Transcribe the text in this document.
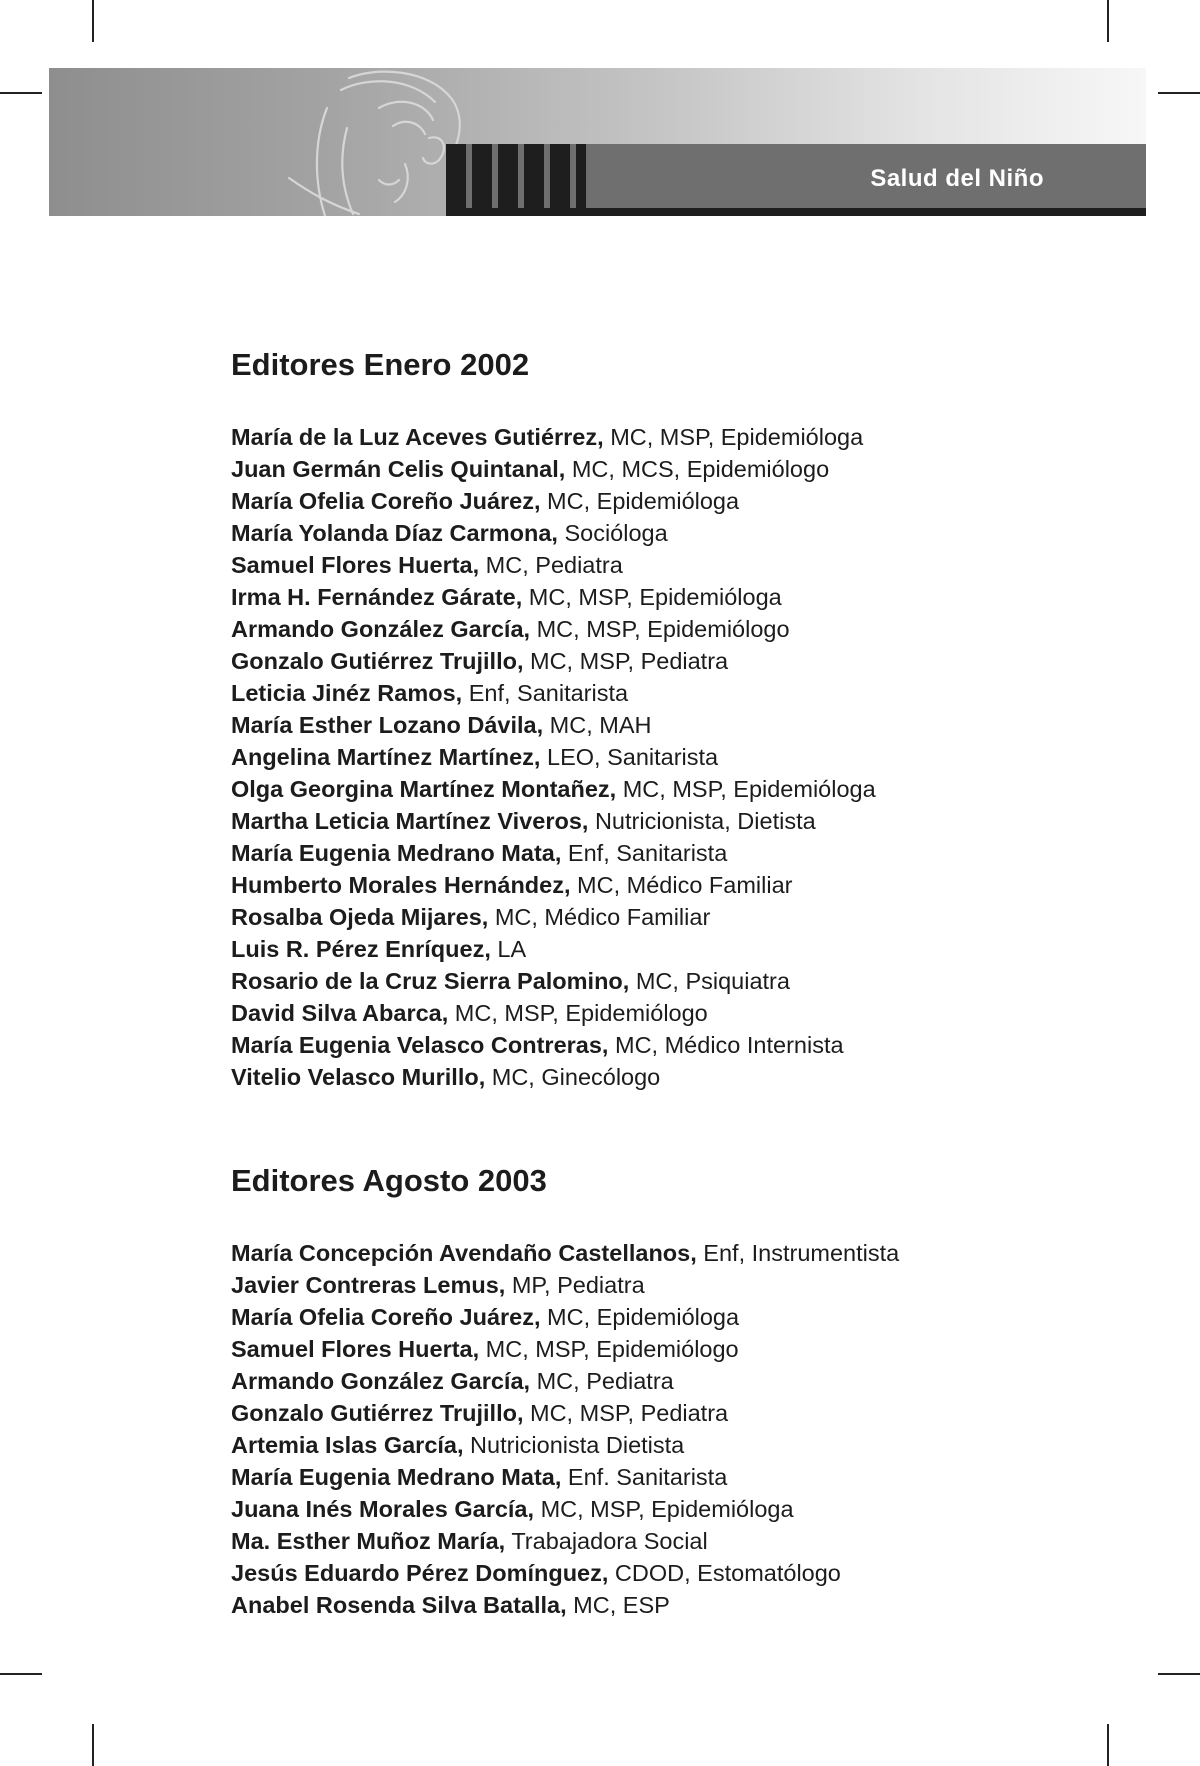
Salud del Niño
Editores Enero 2002
María de la Luz Aceves Gutiérrez, MC, MSP, Epidemióloga
Juan Germán Celis Quintanal, MC, MCS, Epidemiólogo
María Ofelia Coreño Juárez, MC, Epidemióloga
María Yolanda Díaz Carmona, Socióloga
Samuel Flores Huerta, MC, Pediatra
Irma H. Fernández Gárate, MC, MSP, Epidemióloga
Armando González García, MC, MSP, Epidemiólogo
Gonzalo Gutiérrez Trujillo, MC, MSP, Pediatra
Leticia Jinéz Ramos, Enf, Sanitarista
María Esther Lozano Dávila, MC, MAH
Angelina Martínez Martínez, LEO, Sanitarista
Olga Georgina Martínez Montañez, MC, MSP, Epidemióloga
Martha Leticia Martínez Viveros, Nutricionista, Dietista
María Eugenia Medrano Mata, Enf, Sanitarista
Humberto Morales Hernández, MC, Médico Familiar
Rosalba Ojeda Mijares, MC, Médico Familiar
Luis R. Pérez Enríquez, LA
Rosario de la Cruz Sierra Palomino, MC, Psiquiatra
David Silva Abarca, MC, MSP, Epidemiólogo
María Eugenia Velasco Contreras, MC, Médico Internista
Vitelio Velasco Murillo, MC, Ginecólogo
Editores Agosto 2003
María Concepción Avendaño Castellanos, Enf, Instrumentista
Javier Contreras Lemus, MP, Pediatra
María Ofelia Coreño Juárez, MC, Epidemióloga
Samuel Flores Huerta, MC, MSP, Epidemiólogo
Armando González García, MC, Pediatra
Gonzalo Gutiérrez Trujillo, MC, MSP, Pediatra
Artemia Islas García, Nutricionista Dietista
María Eugenia Medrano Mata, Enf. Sanitarista
Juana Inés Morales García, MC, MSP, Epidemióloga
Ma. Esther Muñoz María, Trabajadora Social
Jesús Eduardo Pérez Domínguez, CDOD, Estomatólogo
Anabel Rosenda Silva Batalla, MC, ESP
